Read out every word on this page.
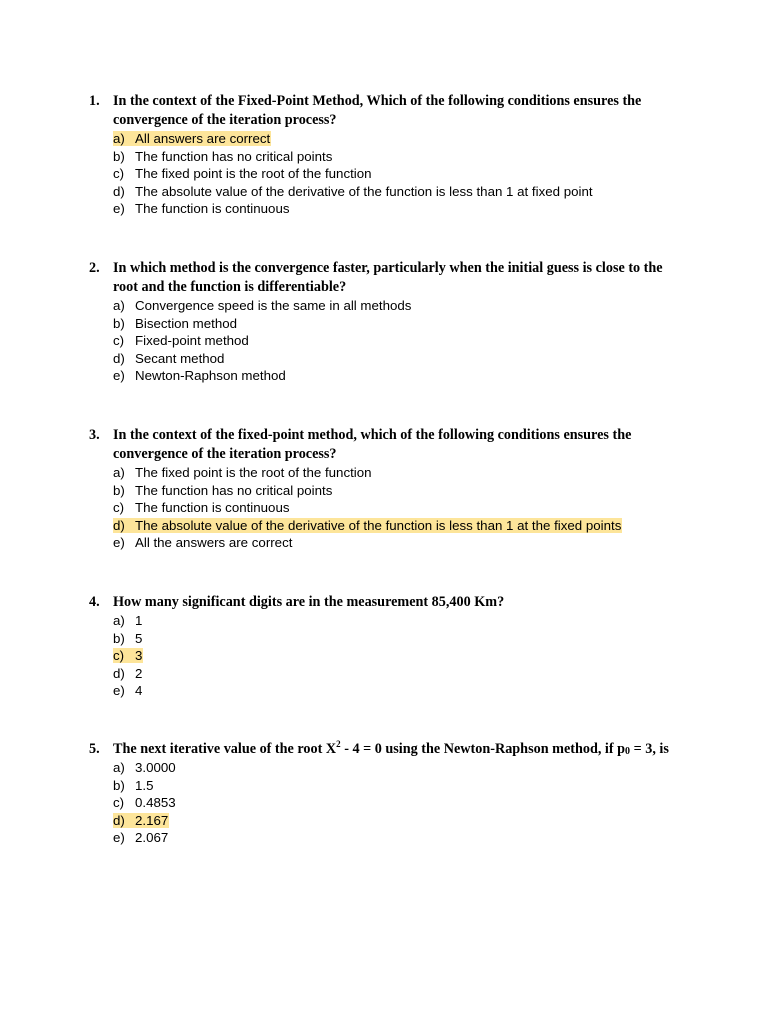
1. In the context of the Fixed-Point Method, Which of the following conditions ensures the convergence of the iteration process?
a) All answers are correct
b) The function has no critical points
c) The fixed point is the root of the function
d) The absolute value of the derivative of the function is less than 1 at fixed point
e) The function is continuous
2. In which method is the convergence faster, particularly when the initial guess is close to the root and the function is differentiable?
a) Convergence speed is the same in all methods
b) Bisection method
c) Fixed-point method
d) Secant method
e) Newton-Raphson method
3. In the context of the fixed-point method, which of the following conditions ensures the convergence of the iteration process?
a) The fixed point is the root of the function
b) The function has no critical points
c) The function is continuous
d) The absolute value of the derivative of the function is less than 1 at the fixed points
e) All the answers are correct
4. How many significant digits are in the measurement 85,400 Km?
a) 1
b) 5
c) 3
d) 2
e) 4
5. The next iterative value of the root $X^2 - 4 = 0$ using the Newton-Raphson method, if $p_0 = 3$, is
a) 3.0000
b) 1.5
c) 0.4853
d) 2.167
e) 2.067
